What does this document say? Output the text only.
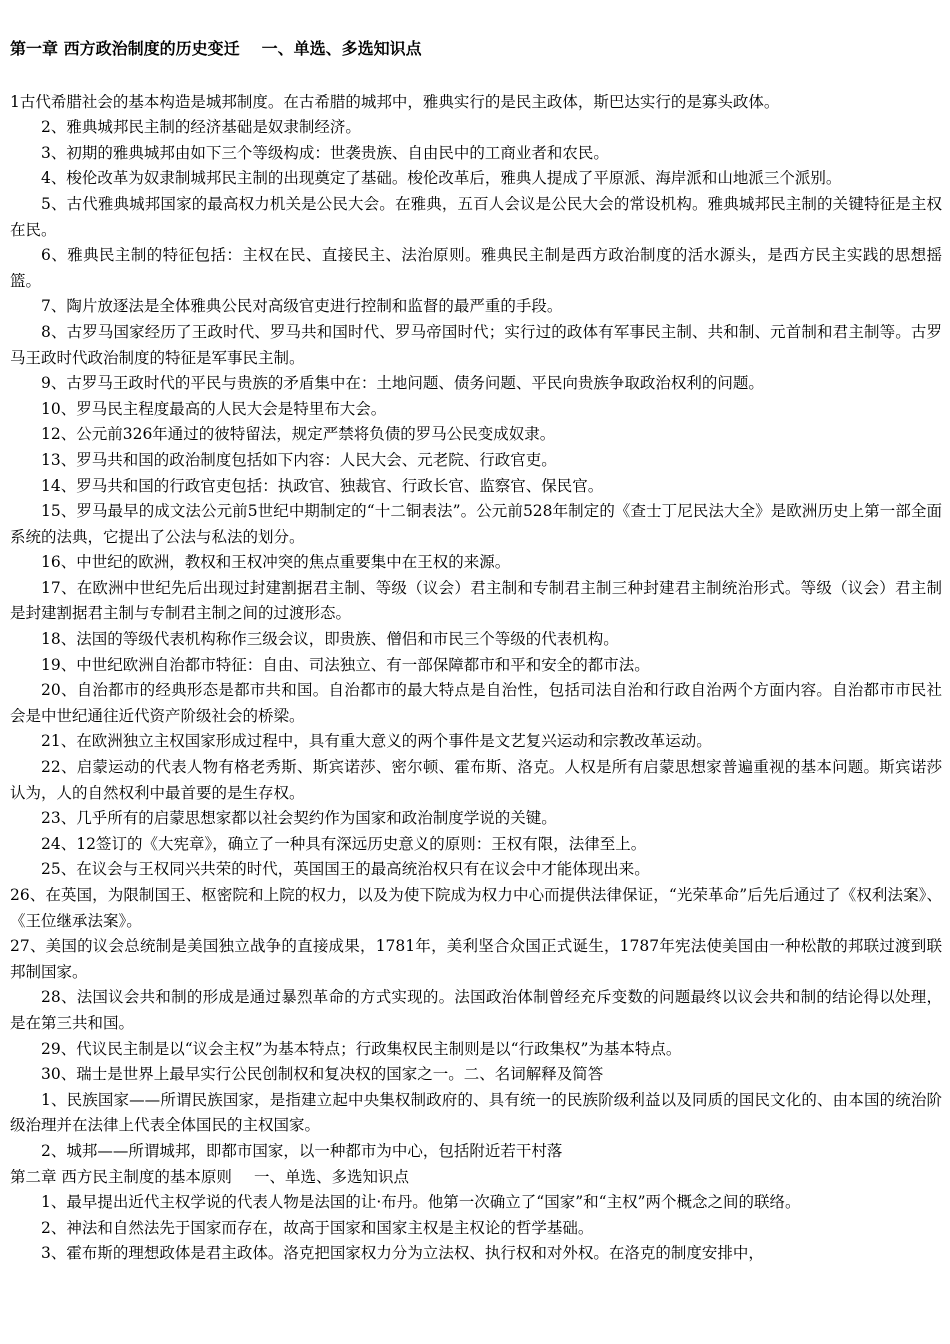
第一章 西方政治制度的历史变迁 一、单选、多选知识点

1古代希腊社会的基本构造是城邦制度。在古希腊的城邦中，雅典实行的是民主政体，斯巴达实行的是寡头政体。

2、雅典城邦民主制的经济基础是奴隶制经济。

3、初期的雅典城邦由如下三个等级构成：世袭贵族、自由民中的工商业者和农民。

4、梭伦改革为奴隶制城邦民主制的出现奠定了基础。梭伦改革后，雅典人提成了平原派、海岸派和山地派三个派别。

5、古代雅典城邦国家的最高权力机关是公民大会。在雅典，五百人会议是公民大会的常设机构。雅典城邦民主制的关键特征是主权在民。

6、雅典民主制的特征包括：主权在民、直接民主、法治原则。雅典民主制是西方政治制度的活水源头，是西方民主实践的思想摇篮。

7、陶片放逐法是全体雅典公民对高级官吏进行控制和监督的最严重的手段。

8、古罗马国家经历了王政时代、罗马共和国时代、罗马帝国时代；实行过的政体有军事民主制、共和制、元首制和君主制等。古罗马王政时代政治制度的特征是军事民主制。

9、古罗马王政时代的平民与贵族的矛盾集中在：土地问题、债务问题、平民向贵族争取政治权利的问题。

10、罗马民主程度最高的人民大会是特里布大会。

12、公元前326年通过的彼特留法，规定严禁将负债的罗马公民变成奴隶。

13、罗马共和国的政治制度包括如下内容：人民大会、元老院、行政官吏。

14、罗马共和国的行政官吏包括：执政官、独裁官、行政长官、监察官、保民官。

15、罗马最早的成文法公元前5世纪中期制定的“十二铜表法”。公元前528年制定的《查士丁尼民法大全》是欧洲历史上第一部全面系统的法典，它提出了公法与私法的划分。

16、中世纪的欧洲，教权和王权冲突的焦点重要集中在王权的来源。

17、在欧洲中世纪先后出现过封建割据君主制、等级（议会）君主制和专制君主制三种封建君主制统治形式。等级（议会）君主制是封建割据君主制与专制君主制之间的过渡形态。

18、法国的等级代表机构称作三级会议，即贵族、僧侣和市民三个等级的代表机构。

19、中世纪欧洲自治都市特征：自由、司法独立、有一部保障都市和平和安全的都市法。

20、自治都市的经典形态是都市共和国。自治都市的最大特点是自治性，包括司法自治和行政自治两个方面内容。自治都市市民社会是中世纪通往近代资产阶级社会的桥梁。

21、在欧洲独立主权国家形成过程中，具有重大意义的两个事件是文艺复兴运动和宗教改革运动。

22、启蒙运动的代表人物有格老秀斯、斯宾诺莎、密尔顿、霍布斯、洛克。人权是所有启蒙思想家普遍重视的基本问题。斯宾诺莎认为，人的自然权利中最首要的是生存权。

23、几乎所有的启蒙思想家都以社会契约作为国家和政治制度学说的关键。

24、12签订的《大宪章》，确立了一种具有深远历史意义的原则：王权有限，法律至上。

25、在议会与王权同兴共荣的时代，英国国王的最高统治权只有在议会中才能体现出来。

26、在英国，为限制国王、枢密院和上院的权力，以及为使下院成为权力中心而提供法律保证，“光荣革命”后先后通过了《权利法案》、《王位继承法案》。

27、美国的议会总统制是美国独立战争的直接成果，1781年，美利坚合众国正式诞生，1787年宪法使美国由一种松散的邦联过渡到联邦制国家。

28、法国议会共和制的形成是通过暴烈革命的方式实现的。法国政治体制曾经充斥变数的问题最终以议会共和制的结论得以处理，是在第三共和国。

29、代议民主制是以“议会主权”为基本特点；行政集权民主制则是以“行政集权”为基本特点。

30、瑞士是世界上最早实行公民创制权和复决权的国家之一。二、名词解释及简答

1、民族国家——所谓民族国家，是指建立起中央集权制政府的、具有统一的民族阶级利益以及同质的国民文化的、由本国的统治阶级治理并在法律上代表全体国民的主权国家。

2、城邦——所谓城邦，即都市国家，以一种都市为中心，包括附近若干村落

第二章 西方民主制度的基本原则 一、单选、多选知识点

1、最早提出近代主权学说的代表人物是法国的让·布丹。他第一次确立了“国家”和“主权”两个概念之间的联络。

2、神法和自然法先于国家而存在，故高于国家和国家主权是主权论的哲学基础。

3、霍布斯的理想政体是君主政体。洛克把国家权力分为立法权、执行权和对外权。在洛克的制度安排中，
